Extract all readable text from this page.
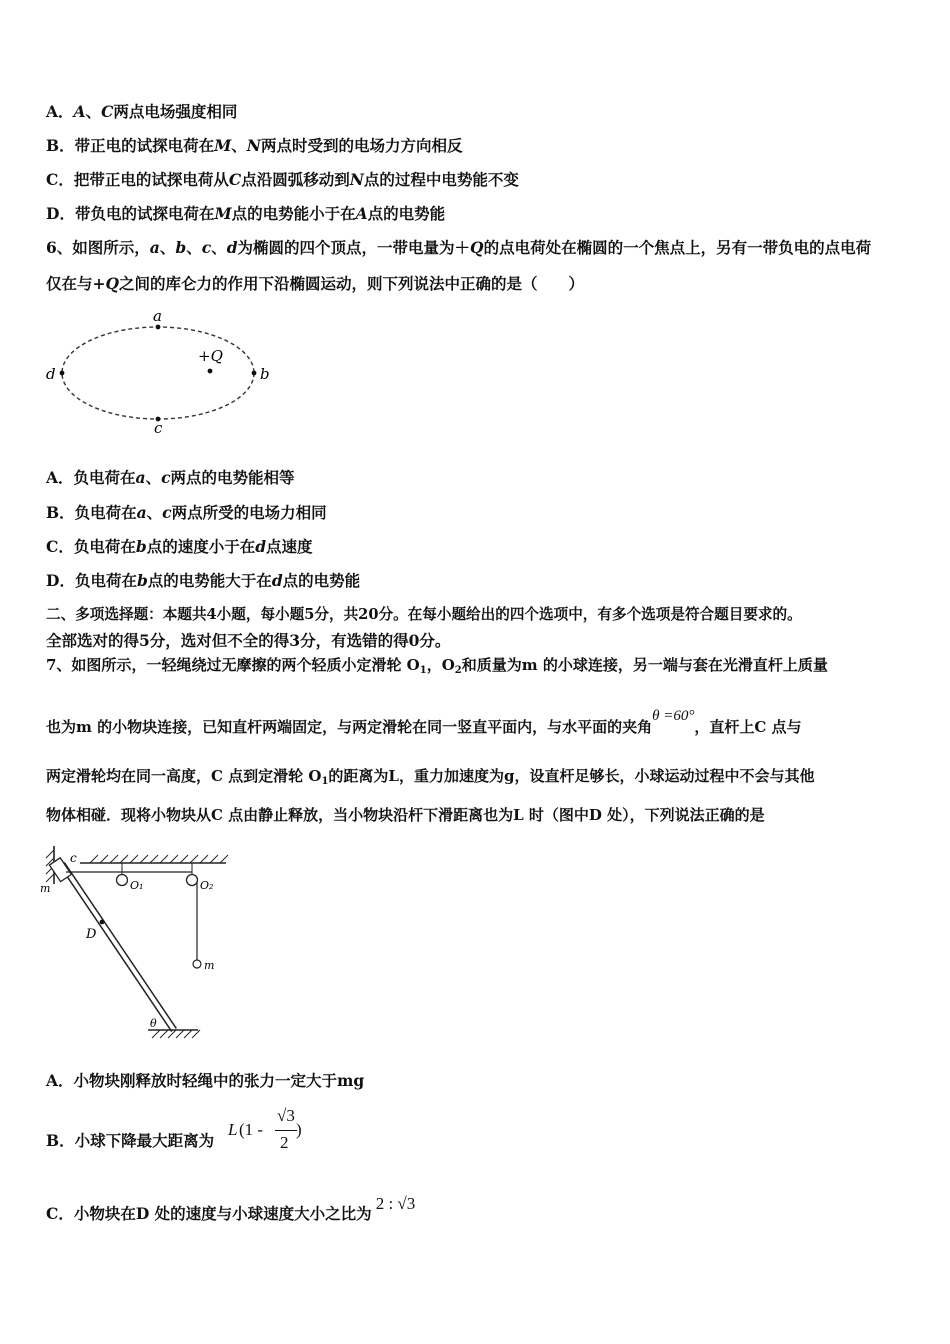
A．A、C两点电场强度相同
B．带正电的试探电荷在M、N两点时受到的电场力方向相反
C．把带正电的试探电荷从C点沿圆弧移动到N点的过程中电势能不变
D．带负电的试探电荷在M点的电势能小于在A点的电势能
6、如图所示，a、b、c、d为椭圆的四个顶点，一带电量为＋Q的点电荷处在椭圆的一个焦点上，另有一带负电的点电荷
仅在与+Q之间的库仑力的作用下沿椭圆运动，则下列说法中正确的是（　　）
a
b
c
d
+Q
A．负电荷在a、c两点的电势能相等
B．负电荷在a、c两点所受的电场力相同
C．负电荷在b点的速度小于在d点速度
D．负电荷在b点的电势能大于在d点的电势能
二、多项选择题：本题共4小题，每小题5分，共20分。在每小题给出的四个选项中，有多个选项是符合题目要求的。
全部选对的得5分，选对但不全的得3分，有选错的得0分。
7、如图所示，一轻绳绕过无摩擦的两个轻质小定滑轮 $O_1$，$O_2$和质量为m 的小球连接，另一端与套在光滑直杆上质量
也为m 的小物块连接，已知直杆两端固定，与两定滑轮在同一竖直平面内，与水平面的夹角θ =60°，直杆上C 点与
两定滑轮均在同一高度，C 点到定滑轮 $O_1$的距离为L，重力加速度为g，设直杆足够长，小球运动过程中不会与其他
物体相碰．现将小物块从C 点由静止释放，当小物块沿杆下滑距离也为L 时（图中D 处），下列说法正确的是
c
m	O₁	O₂
D
m
θ
A．小物块刚释放时轻绳中的张力一定大于mg
B．小球下降最大距离为
L (1 -
√3
2
)
C．小物块在D 处的速度与小球速度大小之比为2 : √3
